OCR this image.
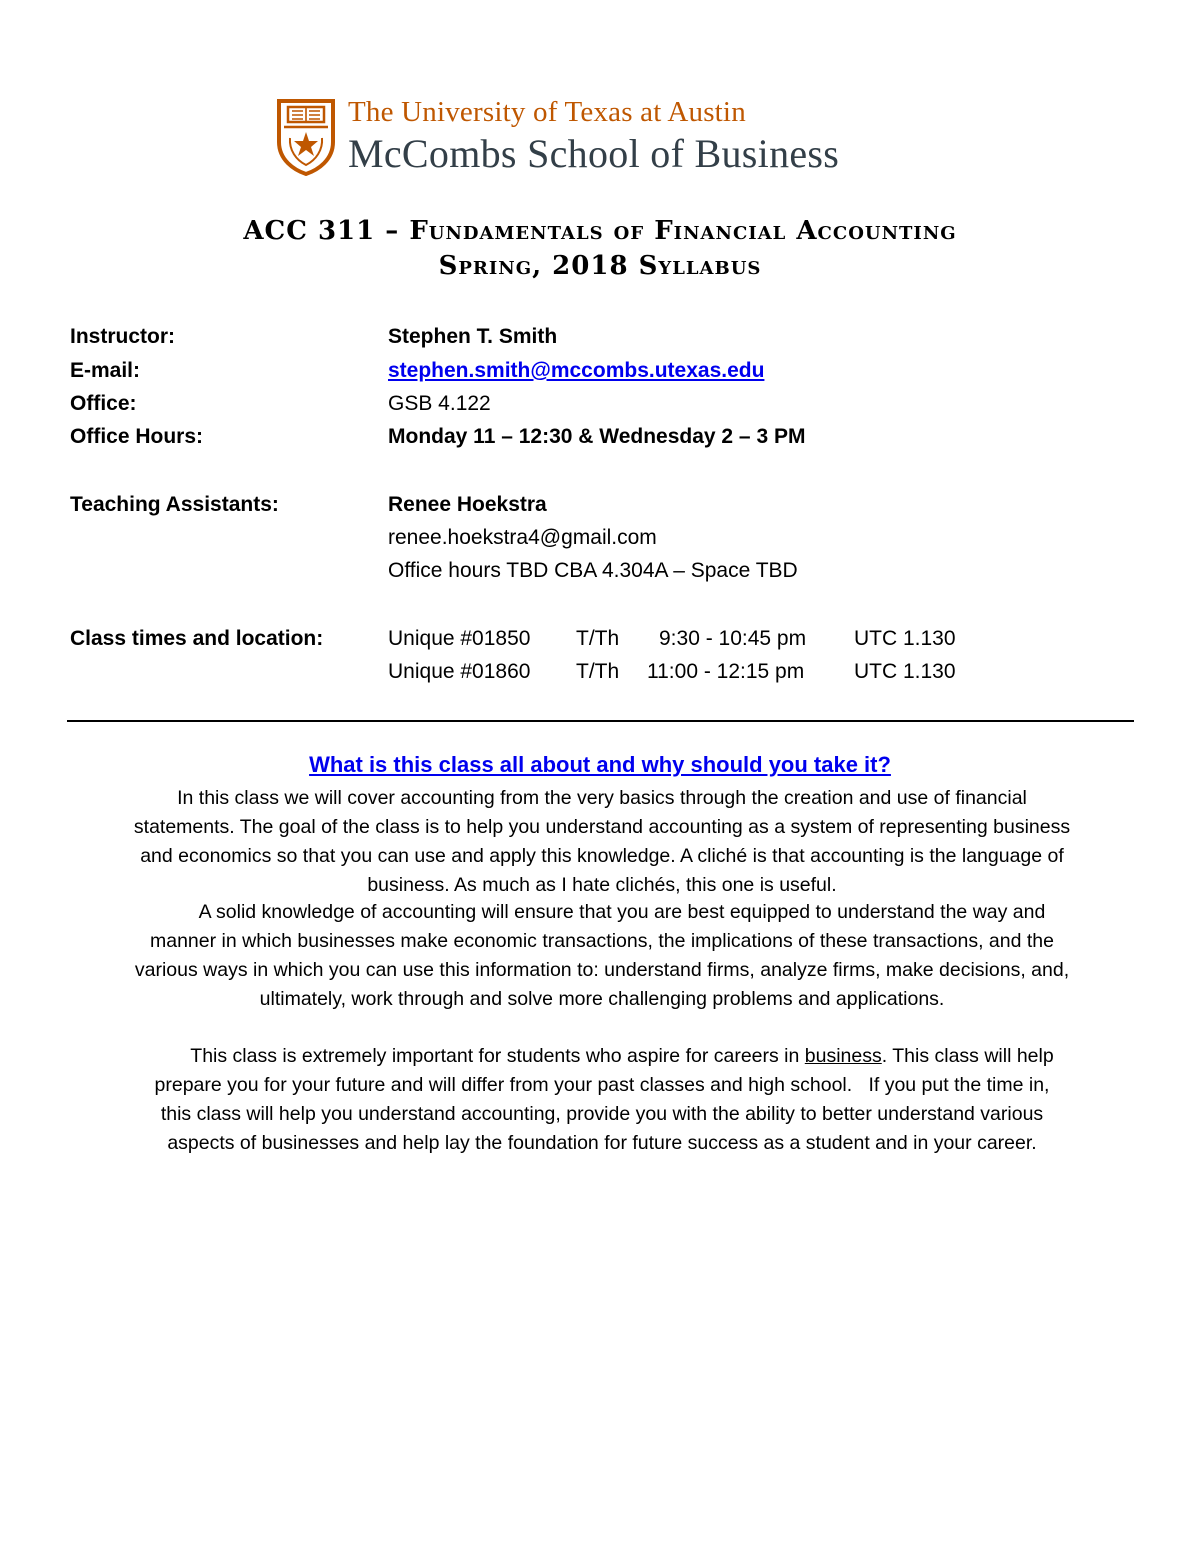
The University of Texas at Austin
McCombs School of Business
ACC 311 – Fundamentals of Financial Accounting
Spring, 2018 Syllabus
Instructor:	Stephen T. Smith
E-mail:	stephen.smith@mccombs.utexas.edu
Office:	GSB 4.122
Office Hours:	Monday 11 – 12:30 & Wednesday 2 – 3 PM
Teaching Assistants:	Renee Hoekstra
renee.hoekstra4@gmail.com
Office hours TBD CBA 4.304A – Space TBD
Class times and location:	Unique #01850 T/Th 9:30 - 10:45 pm UTC 1.130
Unique #01860 T/Th 11:00 - 12:15 pm UTC 1.130
What is this class all about and why should you take it?
In this class we will cover accounting from the very basics through the creation and use of financial
statements. The goal of the class is to help you understand accounting as a system of representing business
and economics so that you can use and apply this knowledge. A cliché is that accounting is the language of
business. As much as I hate clichés, this one is useful.
A solid knowledge of accounting will ensure that you are best equipped to understand the way and
manner in which businesses make economic transactions, the implications of these transactions, and the
various ways in which you can use this information to: understand firms, analyze firms, make decisions, and,
ultimately, work through and solve more challenging problems and applications.
This class is extremely important for students who aspire for careers in business. This class will help
prepare you for your future and will differ from your past classes and high school.   If you put the time in,
this class will help you understand accounting, provide you with the ability to better understand various
aspects of businesses and help lay the foundation for future success as a student and in your career.
